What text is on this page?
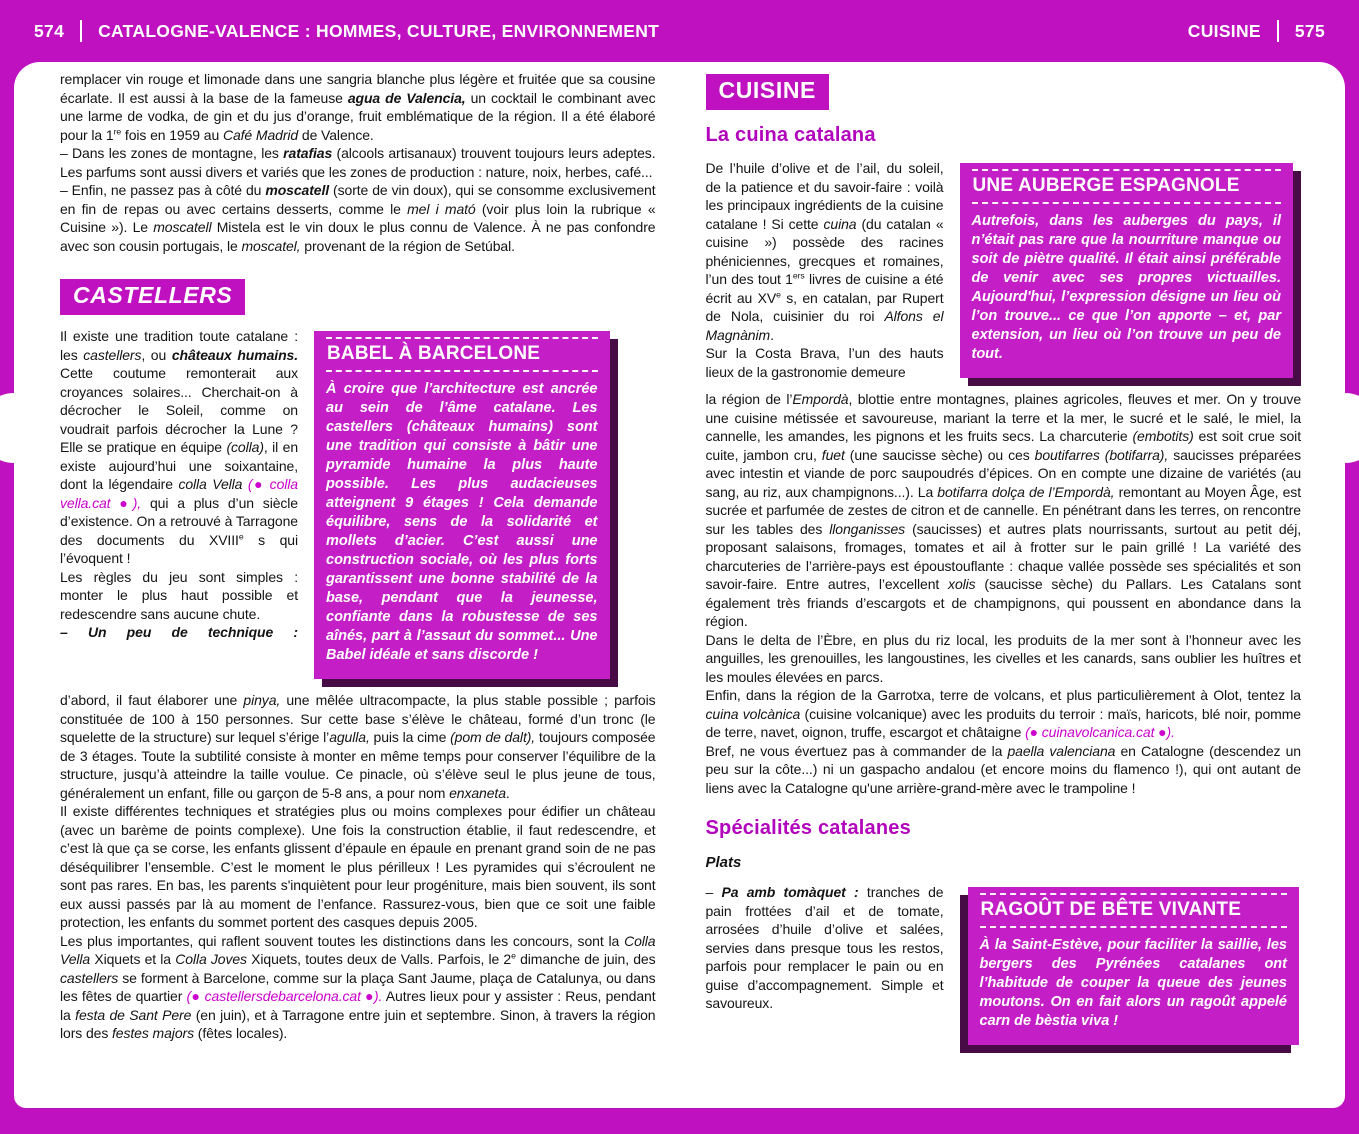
574 CATALOGNE-VALENCE : HOMMES, CULTURE, ENVIRONNEMENT	CUISINE 575

remplacer vin rouge et limonade dans une sangria blanche plus légère et fruitée que sa cousine écarlate. Il est aussi à la base de la fameuse agua de Valencia, un cocktail le combinant avec une larme de vodka, de gin et du jus d’orange, fruit emblématique de la région. Il a été élaboré pour la 1re fois en 1959 au Café Madrid de Valence.

– Dans les zones de montagne, les ratafias (alcools artisanaux) trouvent toujours leurs adeptes. Les parfums sont aussi divers et variés que les zones de production : nature, noix, herbes, café...

– Enfin, ne passez pas à côté du moscatell (sorte de vin doux), qui se consomme exclusivement en fin de repas ou avec certains desserts, comme le mel i mató (voir plus loin la rubrique « Cuisine »). Le moscatell Mistela est le vin doux le plus connu de Valence. À ne pas confondre avec son cousin portugais, le moscatel, provenant de la région de Setúbal.

CASTELLERS

Il existe une tradition toute catalane : les castellers, ou châteaux humains. Cette coutume remonterait aux croyances solaires... Cherchait-on à décrocher le Soleil, comme on voudrait parfois décrocher la Lune ? Elle se pratique en équipe (colla), il en existe aujourd’hui une soixantaine, dont la légendaire colla Vella (● colla vella.cat ●), qui a plus d’un siècle d’existence. On a retrouvé à Tarragone des documents du XVIIIe s qui l’évoquent !

Les règles du jeu sont simples : monter le plus haut possible et redescendre sans aucune chute.

– Un peu de technique :

BABEL À BARCELONE
À croire que l’architecture est ancrée au sein de l’âme catalane. Les castellers (châteaux humains) sont une tradition qui consiste à bâtir une pyramide humaine la plus haute possible. Les plus audacieuses atteignent 9 étages ! Cela demande équilibre, sens de la solidarité et mollets d’acier. C’est aussi une construction sociale, où les plus forts garantissent une bonne stabilité de la base, pendant que la jeunesse, confiante dans la robustesse de ses aînés, part à l’assaut du sommet... Une Babel idéale et sans discorde !

d’abord, il faut élaborer une pinya, une mêlée ultracompacte, la plus stable possible ; parfois constituée de 100 à 150 personnes. Sur cette base s’élève le château, formé d’un tronc (le squelette de la structure) sur lequel s’érige l’agulla, puis la cime (pom de dalt), toujours composée de 3 étages. Toute la subtilité consiste à monter en même temps pour conserver l’équilibre de la structure, jusqu’à atteindre la taille voulue. Ce pinacle, où s’élève seul le plus jeune de tous, généralement un enfant, fille ou garçon de 5-8 ans, a pour nom enxaneta.

Il existe différentes techniques et stratégies plus ou moins complexes pour édifier un château (avec un barème de points complexe). Une fois la construction établie, il faut redescendre, et c’est là que ça se corse, les enfants glissent d’épaule en épaule en prenant grand soin de ne pas déséquilibrer l’ensemble. C’est le moment le plus périlleux ! Les pyramides qui s’écroulent ne sont pas rares. En bas, les parents s'inquiètent pour leur progéniture, mais bien souvent, ils sont eux aussi passés par là au moment de l’enfance. Rassurez-vous, bien que ce soit une faible protection, les enfants du sommet portent des casques depuis 2005.

Les plus importantes, qui raflent souvent toutes les distinctions dans les concours, sont la Colla Vella Xiquets et la Colla Joves Xiquets, toutes deux de Valls. Parfois, le 2e dimanche de juin, des castellers se forment à Barcelone, comme sur la plaça Sant Jaume, plaça de Catalunya, ou dans les fêtes de quartier (● castellersdebarcelona.cat ●). Autres lieux pour y assister : Reus, pendant la festa de Sant Pere (en juin), et à Tarragone entre juin et septembre. Sinon, à travers la région lors des festes majors (fêtes locales).

CUISINE
La cuina catalana

De l’huile d’olive et de l’ail, du soleil, de la patience et du savoir-faire : voilà les principaux ingrédients de la cuisine catalane ! Si cette cuina (du catalan « cuisine ») possède des racines phéniciennes, grecques et romaines, l’un des tout 1ers livres de cuisine a été écrit au XVe s, en catalan, par Rupert de Nola, cuisinier du roi Alfons el Magnànim.

Sur la Costa Brava, l’un des hauts lieux de la gastronomie demeure

UNE AUBERGE ESPAGNOLE
Autrefois, dans les auberges du pays, il n’était pas rare que la nourriture manque ou soit de piètre qualité. Il était ainsi préférable de venir avec ses propres victuailles. Aujourd'hui, l’expression désigne un lieu où l’on trouve... ce que l’on apporte – et, par extension, un lieu où l’on trouve un peu de tout.

la région de l’Empordà, blottie entre montagnes, plaines agricoles, fleuves et mer. On y trouve une cuisine métissée et savoureuse, mariant la terre et la mer, le sucré et le salé, le miel, la cannelle, les amandes, les pignons et les fruits secs. La charcuterie (embotits) est soit crue soit cuite, jambon cru, fuet (une saucisse sèche) ou ces boutifarres (botifarra), saucisses préparées avec intestin et viande de porc saupoudrés d’épices. On en compte une dizaine de variétés (au sang, au riz, aux champignons...). La botifarra dolça de l’Empordà, remontant au Moyen Âge, est sucrée et parfumée de zestes de citron et de cannelle. En pénétrant dans les terres, on rencontre sur les tables des llonganisses (saucisses) et autres plats nourrissants, surtout au petit déj, proposant salaisons, fromages, tomates et ail à frotter sur le pain grillé ! La variété des charcuteries de l’arrière-pays est époustouflante : chaque vallée possède ses spécialités et son savoir-faire. Entre autres, l’excellent xolis (saucisse sèche) du Pallars. Les Catalans sont également très friands d’escargots et de champignons, qui poussent en abondance dans la région.

Dans le delta de l’Èbre, en plus du riz local, les produits de la mer sont à l’honneur avec les anguilles, les grenouilles, les langoustines, les civelles et les canards, sans oublier les huîtres et les moules élevées en parcs.

Enfin, dans la région de la Garrotxa, terre de volcans, et plus particulièrement à Olot, tentez la cuina volcànica (cuisine volcanique) avec les produits du terroir : maïs, haricots, blé noir, pomme de terre, navet, oignon, truffe, escargot et châtaigne (● cuinavolcanica.cat ●).

Bref, ne vous évertuez pas à commander de la paella valenciana en Catalogne (descendez un peu sur la côte...) ni un gaspacho andalou (et encore moins du flamenco !), qui ont autant de liens avec la Catalogne qu'une arrière-grand-mère avec le trampoline !

Spécialités catalanes
Plats

– Pa amb tomàquet : tranches de pain frottées d’ail et de tomate, arrosées d’huile d’olive et salées, servies dans presque tous les restos, parfois pour remplacer le pain ou en guise d’accompagnement. Simple et savoureux.

RAGOÛT DE BÊTE VIVANTE
À la Saint-Estève, pour faciliter la saillie, les bergers des Pyrénées catalanes ont l’habitude de couper la queue des jeunes moutons. On en fait alors un ragoût appelé carn de bèstia viva !
